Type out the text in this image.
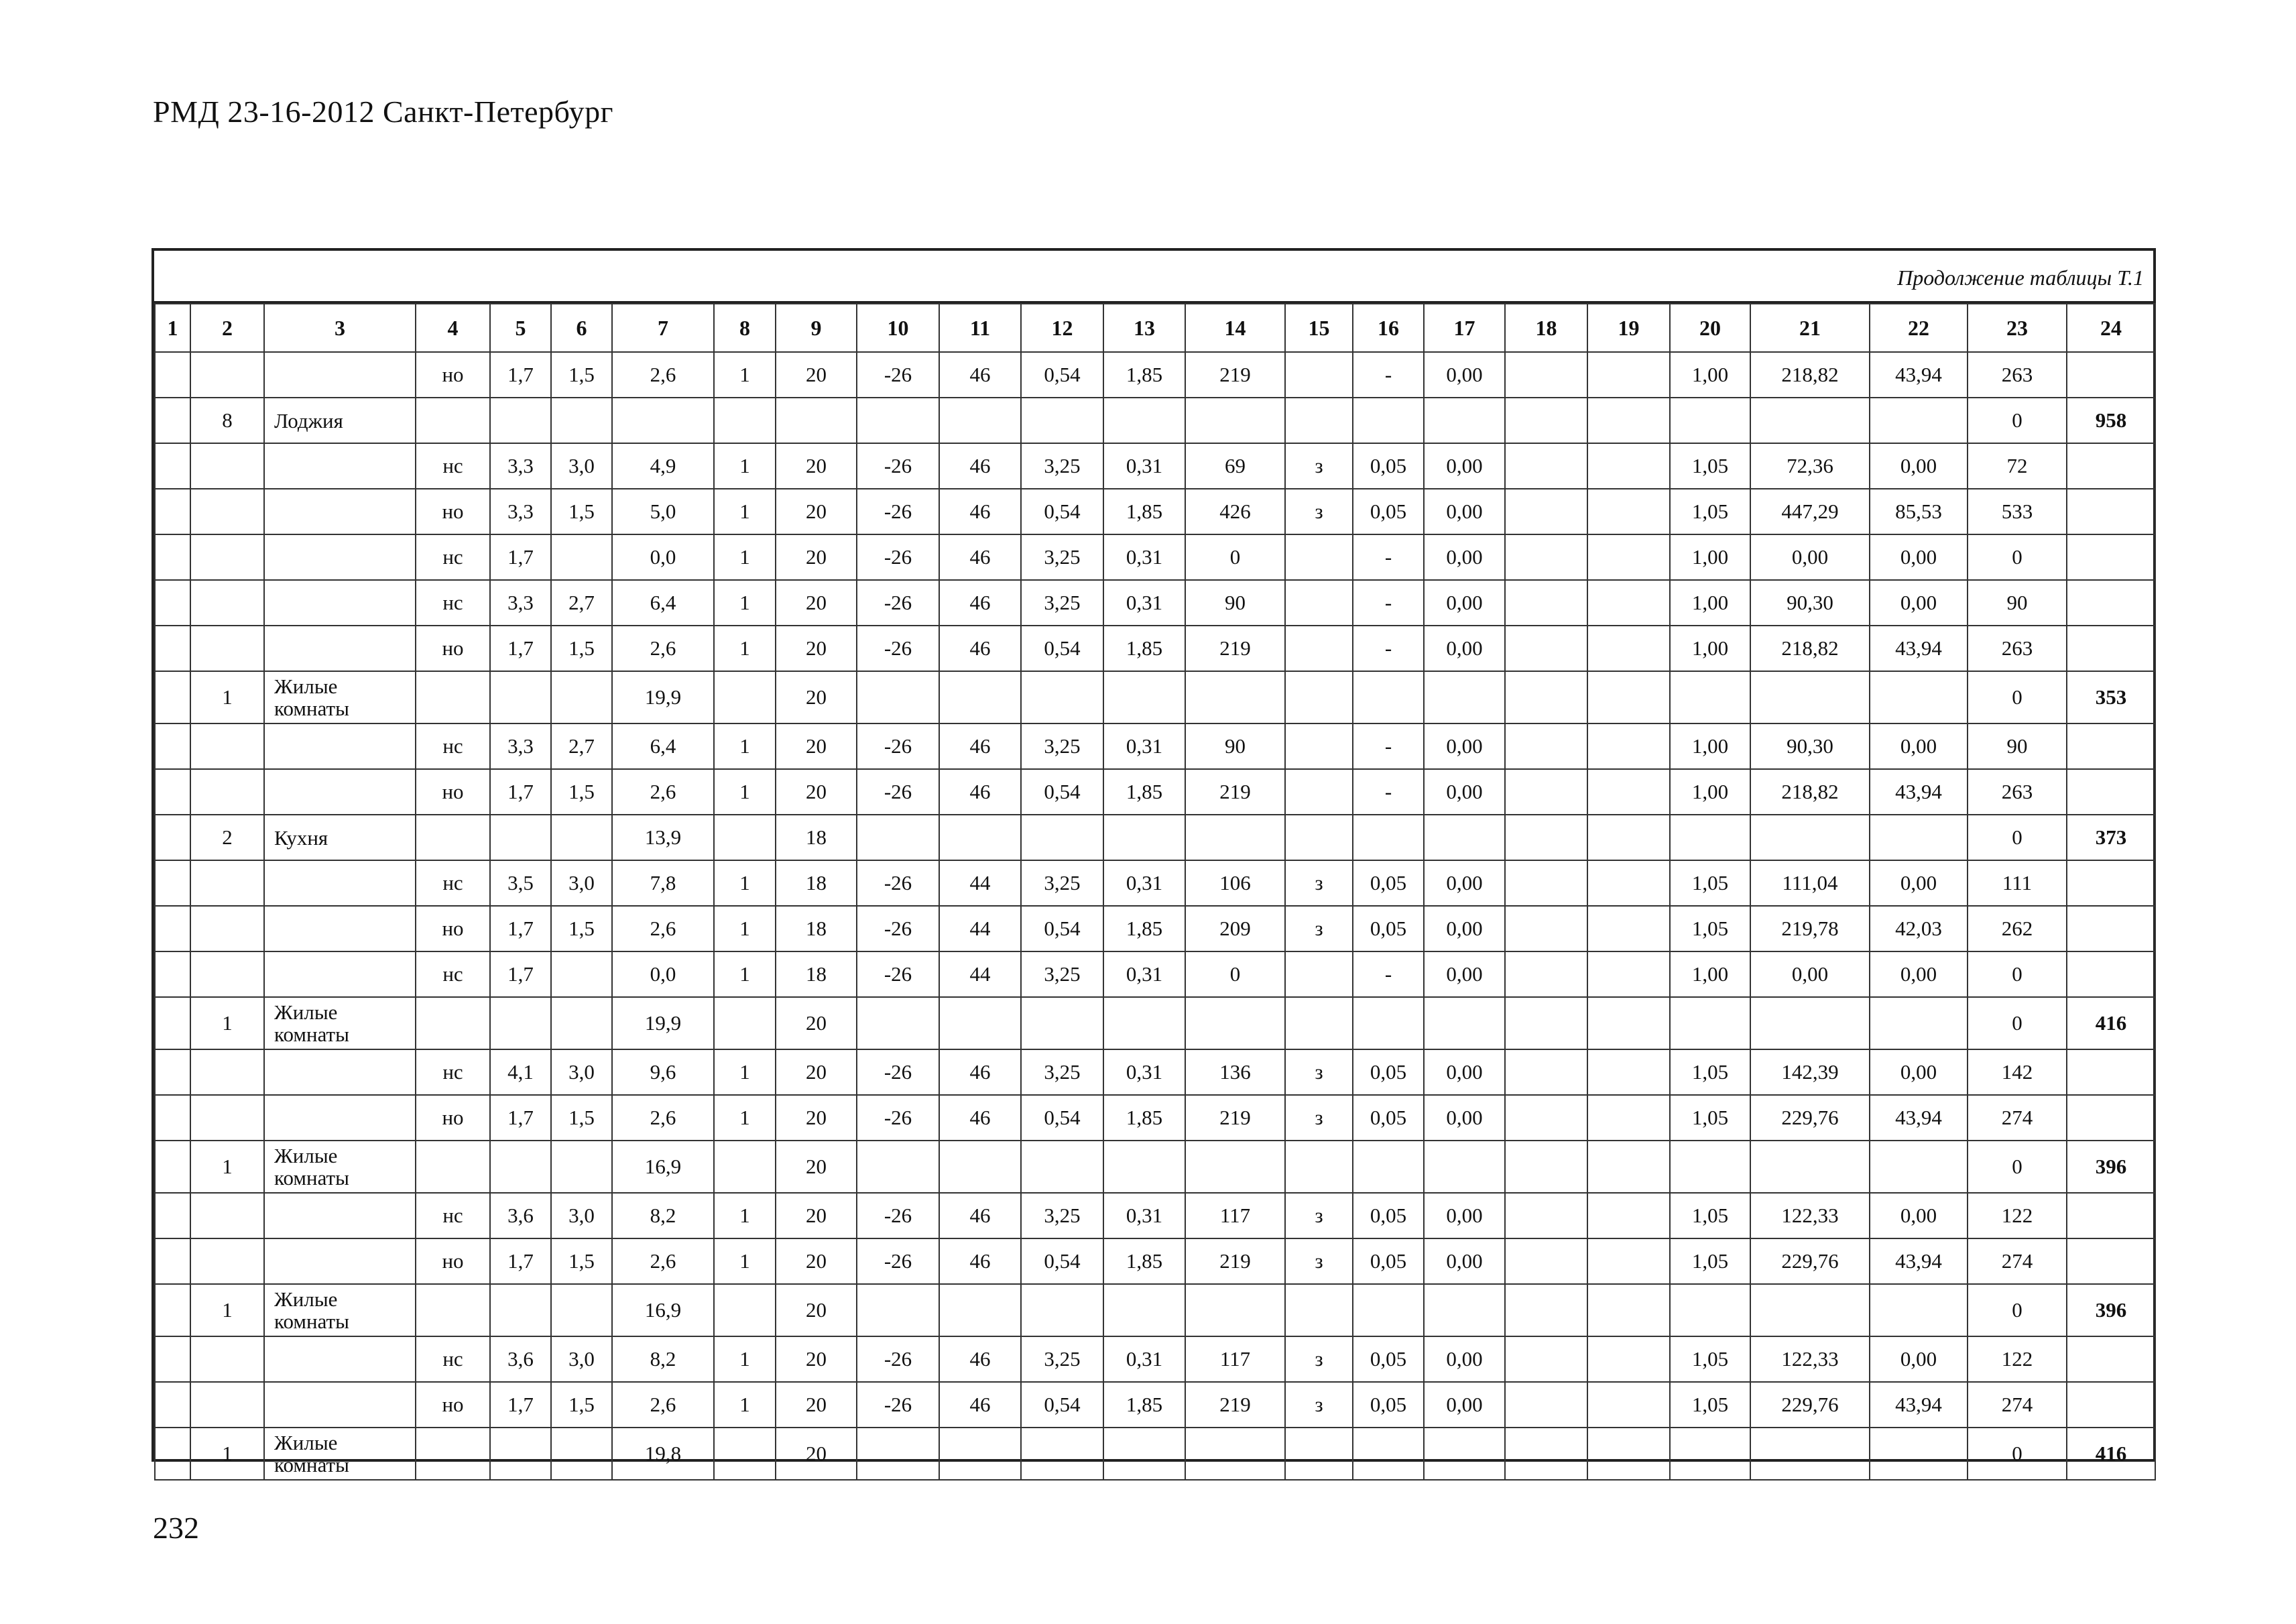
РМД 23-16-2012 Санкт-Петербург
Продолжение таблицы Т.1
1	2	3	4	5	6	7	8	9	10	11	12	13	14	15	16	17	18	19	20	21	22	23	24
			но	1,7	1,5	2,6	1	20	-26	46	0,54	1,85	219		-	0,00			1,00	218,82	43,94	263	
	8	Лоджия																				0	958
			нс	3,3	3,0	4,9	1	20	-26	46	3,25	0,31	69	з	0,05	0,00			1,05	72,36	0,00	72	
			но	3,3	1,5	5,0	1	20	-26	46	0,54	1,85	426	з	0,05	0,00			1,05	447,29	85,53	533	
			нс	1,7		0,0	1	20	-26	46	3,25	0,31	0		-	0,00			1,00	0,00	0,00	0	
			нс	3,3	2,7	6,4	1	20	-26	46	3,25	0,31	90		-	0,00			1,00	90,30	0,00	90	
			но	1,7	1,5	2,6	1	20	-26	46	0,54	1,85	219		-	0,00			1,00	218,82	43,94	263	
	1	Жилые комнаты				19,9		20														0	353
			нс	3,3	2,7	6,4	1	20	-26	46	3,25	0,31	90		-	0,00			1,00	90,30	0,00	90	
			но	1,7	1,5	2,6	1	20	-26	46	0,54	1,85	219		-	0,00			1,00	218,82	43,94	263	
	2	Кухня				13,9		18														0	373
			нс	3,5	3,0	7,8	1	18	-26	44	3,25	0,31	106	з	0,05	0,00			1,05	111,04	0,00	111	
			но	1,7	1,5	2,6	1	18	-26	44	0,54	1,85	209	з	0,05	0,00			1,05	219,78	42,03	262	
			нс	1,7		0,0	1	18	-26	44	3,25	0,31	0		-	0,00			1,00	0,00	0,00	0	
	1	Жилые комнаты				19,9		20														0	416
			нс	4,1	3,0	9,6	1	20	-26	46	3,25	0,31	136	з	0,05	0,00			1,05	142,39	0,00	142	
			но	1,7	1,5	2,6	1	20	-26	46	0,54	1,85	219	з	0,05	0,00			1,05	229,76	43,94	274	
	1	Жилые комнаты				16,9		20														0	396
			нс	3,6	3,0	8,2	1	20	-26	46	3,25	0,31	117	з	0,05	0,00			1,05	122,33	0,00	122	
			но	1,7	1,5	2,6	1	20	-26	46	0,54	1,85	219	з	0,05	0,00			1,05	229,76	43,94	274	
	1	Жилые комнаты				16,9		20														0	396
			нс	3,6	3,0	8,2	1	20	-26	46	3,25	0,31	117	з	0,05	0,00			1,05	122,33	0,00	122	
			но	1,7	1,5	2,6	1	20	-26	46	0,54	1,85	219	з	0,05	0,00			1,05	229,76	43,94	274	
	1	Жилые комнаты				19,8		20														0	416
232
